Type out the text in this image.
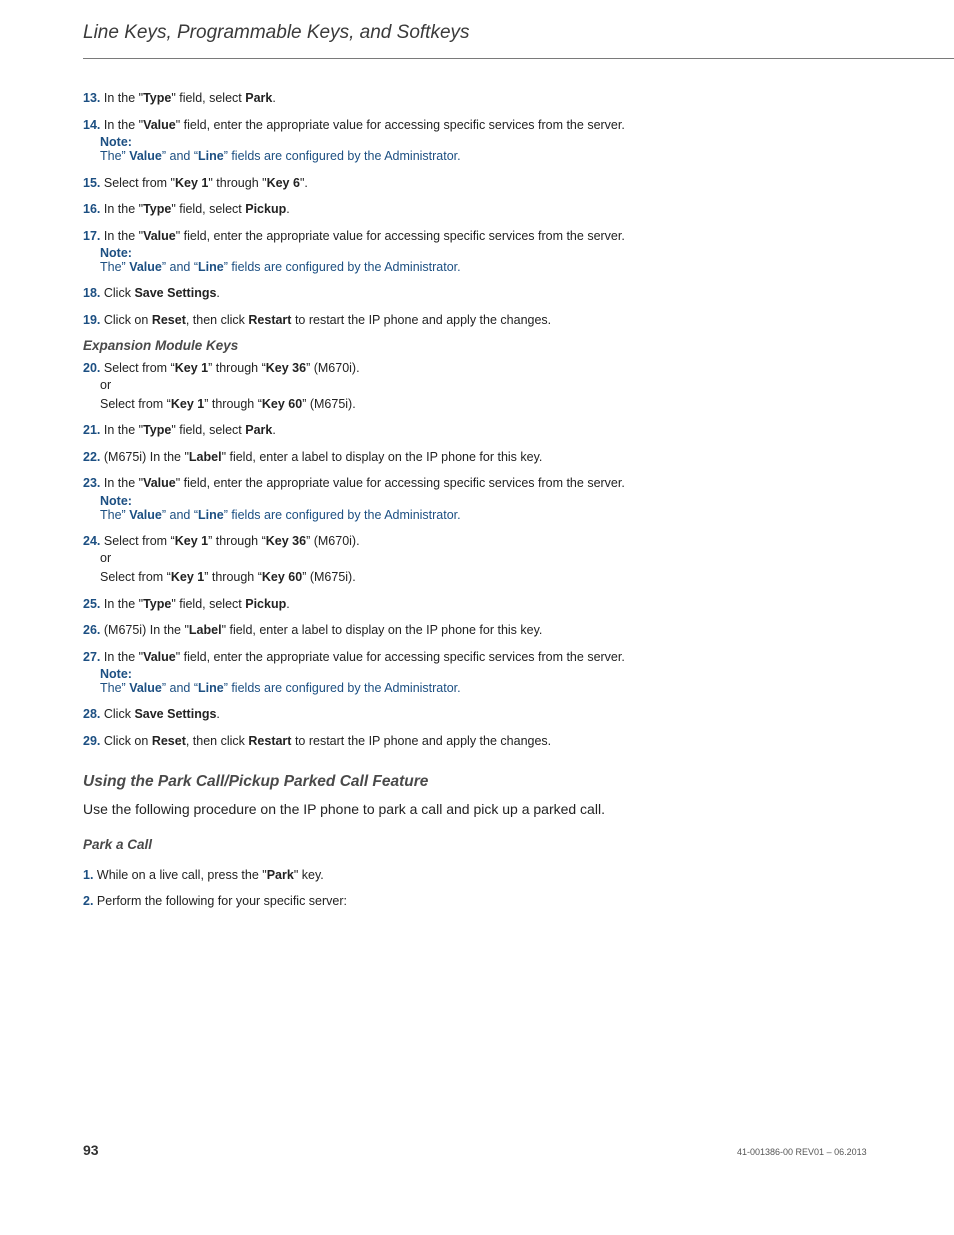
Line Keys, Programmable Keys, and Softkeys
13. In the "Type" field, select Park.
14. In the "Value" field, enter the appropriate value for accessing specific services from the server.
Note:
The” Value” and “Line” fields are configured by the Administrator.
15. Select from "Key 1" through "Key 6".
16. In the "Type" field, select Pickup.
17. In the "Value" field, enter the appropriate value for accessing specific services from the server.
Note:
The” Value” and “Line” fields are configured by the Administrator.
18. Click Save Settings.
19. Click on Reset, then click Restart to restart the IP phone and apply the changes.
Expansion Module Keys
20. Select from “Key 1” through “Key 36” (M670i).
or
Select from “Key 1” through “Key 60” (M675i).
21. In the "Type" field, select Park.
22. (M675i) In the "Label" field, enter a label to display on the IP phone for this key.
23. In the "Value" field, enter the appropriate value for accessing specific services from the server.
Note:
The” Value” and “Line” fields are configured by the Administrator.
24. Select from “Key 1” through “Key 36” (M670i).
or
Select from “Key 1” through “Key 60” (M675i).
25. In the "Type" field, select Pickup.
26. (M675i) In the "Label" field, enter a label to display on the IP phone for this key.
27. In the "Value" field, enter the appropriate value for accessing specific services from the server.
Note:
The” Value” and “Line” fields are configured by the Administrator.
28. Click Save Settings.
29. Click on Reset, then click Restart to restart the IP phone and apply the changes.
Using the Park Call/Pickup Parked Call Feature
Use the following procedure on the IP phone to park a call and pick up a parked call.
Park a Call
1. While on a live call, press the "Park" key.
2. Perform the following for your specific server:
93	41-001386-00 REV01 – 06.2013
